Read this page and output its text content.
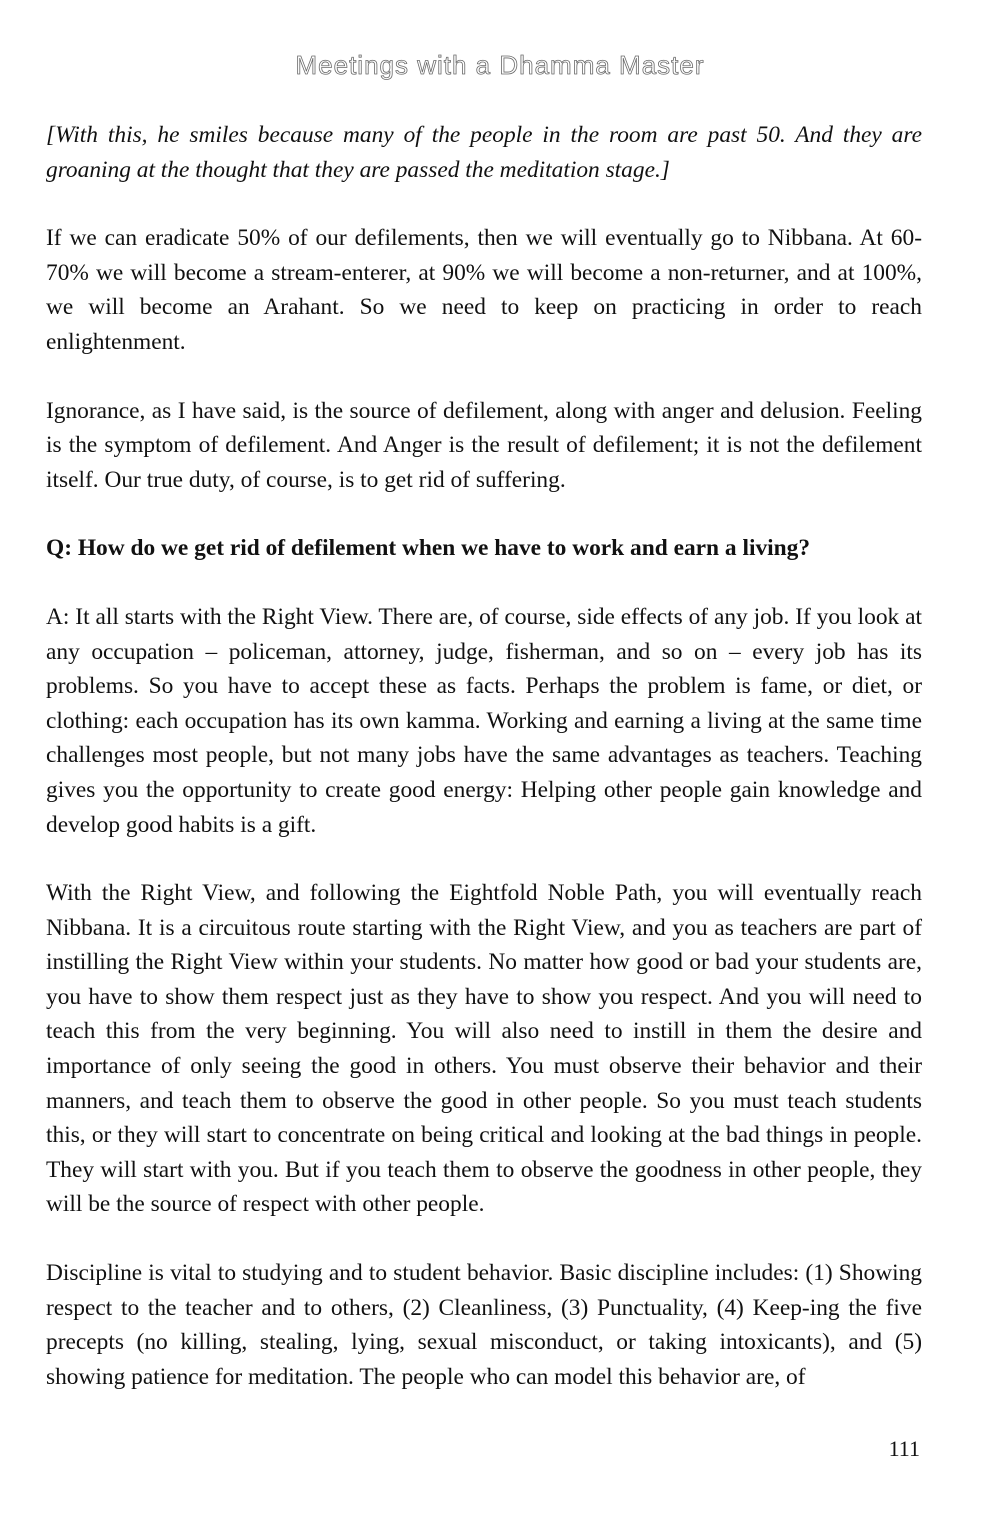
Meetings with a Dhamma Master

[With this, he smiles because many of the people in the room are past 50. And they are groaning at the thought that they are passed the meditation stage.]

If we can eradicate 50% of our defilements, then we will eventually go to Nibbana. At 60-70% we will become a stream-enterer, at 90% we will become a non-returner, and at 100%, we will become an Arahant. So we need to keep on practicing in order to reach enlightenment.

Ignorance, as I have said, is the source of defilement, along with anger and delusion. Feeling is the symptom of defilement. And Anger is the result of defilement; it is not the defilement itself. Our true duty, of course, is to get rid of suffering.

Q: How do we get rid of defilement when we have to work and earn a living?

A: It all starts with the Right View. There are, of course, side effects of any job. If you look at any occupation – policeman, attorney, judge, fisherman, and so on – every job has its problems. So you have to accept these as facts. Perhaps the problem is fame, or diet, or clothing: each occupation has its own kamma. Working and earning a living at the same time challenges most people, but not many jobs have the same advantages as teachers. Teaching gives you the opportunity to create good energy: Helping other people gain knowledge and develop good habits is a gift.

With the Right View, and following the Eightfold Noble Path, you will eventually reach Nibbana. It is a circuitous route starting with the Right View, and you as teachers are part of instilling the Right View within your students. No matter how good or bad your students are, you have to show them respect just as they have to show you respect. And you will need to teach this from the very beginning. You will also need to instill in them the desire and importance of only seeing the good in others. You must observe their behavior and their manners, and teach them to observe the good in other people. So you must teach students this, or they will start to concentrate on being critical and looking at the bad things in people. They will start with you. But if you teach them to observe the goodness in other people, they will be the source of respect with other people.

Discipline is vital to studying and to student behavior. Basic discipline includes: (1) Showing respect to the teacher and to others, (2) Cleanliness, (3) Punctuality, (4) Keep-ing the five precepts (no killing, stealing, lying, sexual misconduct, or taking intoxicants), and (5) showing patience for meditation. The people who can model this behavior are, of

111
